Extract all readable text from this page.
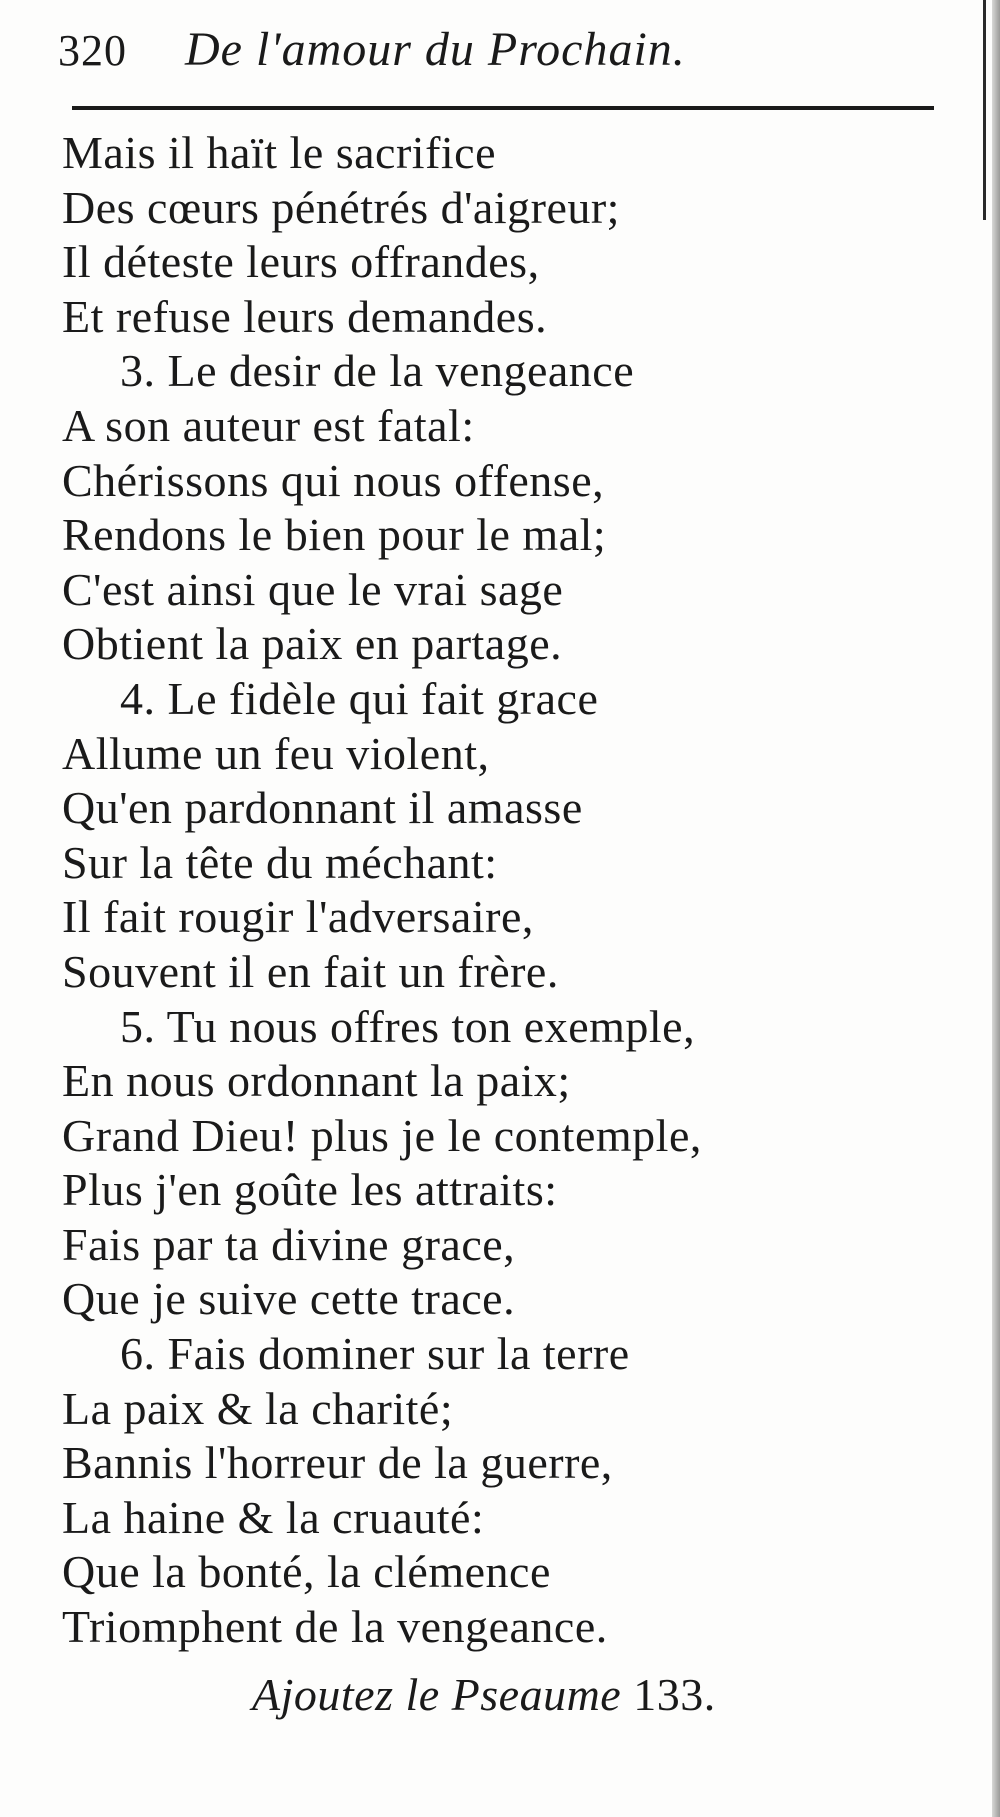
320 De l'amour du Prochain.
Mais il haït le sacrifice
Des cœurs pénétrés d'aigreur;
Il déteste leurs offrandes,
Et refuse leurs demandes.
3. Le desir de la vengeance
A son auteur est fatal:
Chérissons qui nous offense,
Rendons le bien pour le mal;
C'est ainsi que le vrai sage
Obtient la paix en partage.
4. Le fidèle qui fait grace
Allume un feu violent,
Qu'en pardonnant il amasse
Sur la tête du méchant:
Il fait rougir l'adversaire,
Souvent il en fait un frère.
5. Tu nous offres ton exemple,
En nous ordonnant la paix;
Grand Dieu! plus je le contemple,
Plus j'en goûte les attraits:
Fais par ta divine grace,
Que je suive cette trace.
6. Fais dominer sur la terre
La paix & la charité;
Bannis l'horreur de la guerre,
La haine & la cruauté:
Que la bonté, la clémence
Triomphent de la vengeance.
Ajoutez le Pseaume 133.
